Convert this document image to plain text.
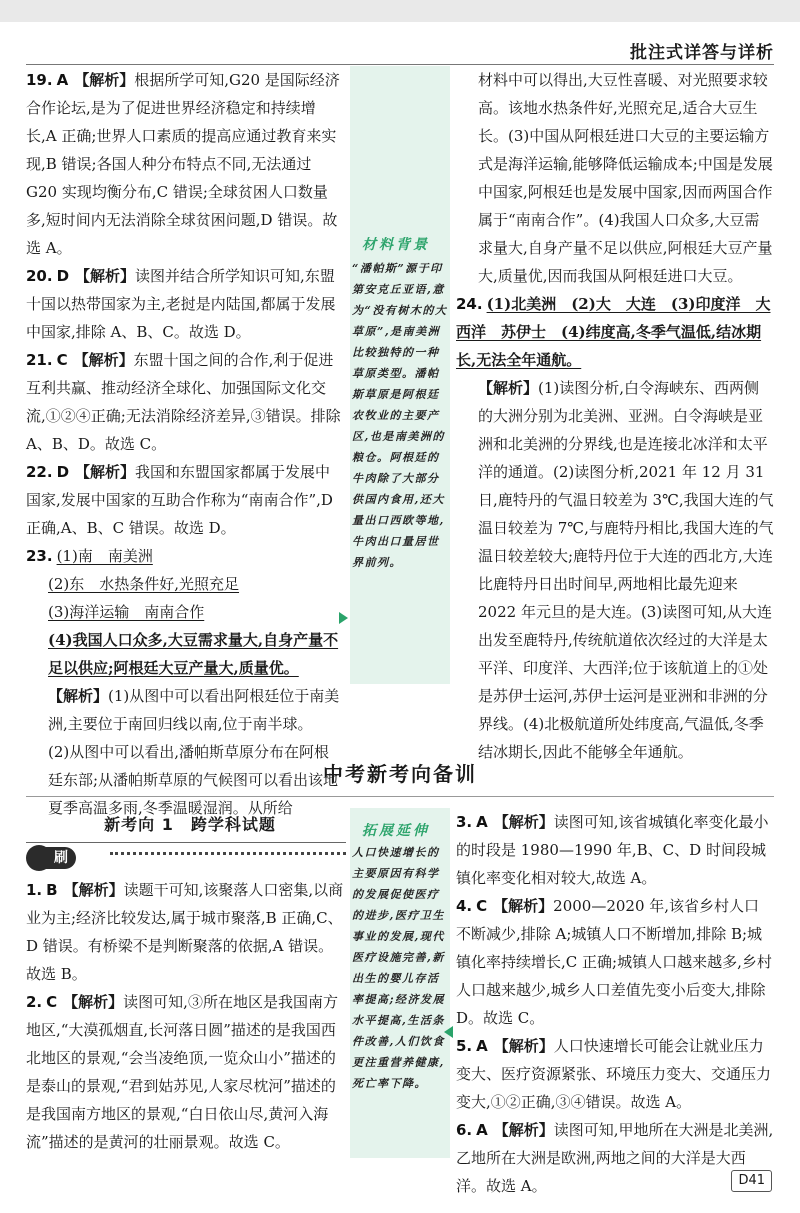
批注式详答与详析

19. A 【解析】根据所学可知,G20 是国际经济合作论坛,是为了促进世界经济稳定和持续增长,A 正确;世界人口素质的提高应通过教育来实现,B 错误;各国人种分布特点不同,无法通过 G20 实现均衡分布,C 错误;全球贫困人口数量多,短时间内无法消除全球贫困问题,D 错误。故选 A。

20. D 【解析】读图并结合所学知识可知,东盟十国以热带国家为主,老挝是内陆国,都属于发展中国家,排除 A、B、C。故选 D。

21. C 【解析】东盟十国之间的合作,利于促进互利共赢、推动经济全球化、加强国际文化交流,①②④正确;无法消除经济差异,③错误。排除 A、B、D。故选 C。

22. D 【解析】我国和东盟国家都属于发展中国家,发展中国家的互助合作称为“南南合作”,D 正确,A、B、C 错误。故选 D。

23. (1)南　南美洲

(2)东　水热条件好,光照充足

(3)海洋运输　南南合作

(4)我国人口众多,大豆需求量大,自身产量不足以供应;阿根廷大豆产量大,质量优。

【解析】(1)从图中可以看出阿根廷位于南美洲,主要位于南回归线以南,位于南半球。

(2)从图中可以看出,潘帕斯草原分布在阿根廷东部;从潘帕斯草原的气候图可以看出该地夏季高温多雨,冬季温暖湿润。从所给

材料背景
“潘帕斯”源于印第安克丘亚语,意为“没有树木的大草原”,是南美洲比较独特的一种草原类型。潘帕斯草原是阿根廷农牧业的主要产区,也是南美洲的粮仓。阿根廷的牛肉除了大部分供国内食用,还大量出口西欧等地,牛肉出口量居世界前列。

材料中可以得出,大豆性喜暖、对光照要求较高。该地水热条件好,光照充足,适合大豆生长。(3)中国从阿根廷进口大豆的主要运输方式是海洋运输,能够降低运输成本;中国是发展中国家,阿根廷也是发展中国家,因而两国合作属于“南南合作”。(4)我国人口众多,大豆需求量大,自身产量不足以供应,阿根廷大豆产量大,质量优,因而我国从阿根廷进口大豆。

24. (1)北美洲　(2)大　大连　(3)印度洋　大西洋　苏伊士　(4)纬度高,冬季气温低,结冰期长,无法全年通航。

【解析】(1)读图分析,白令海峡东、西两侧的大洲分别为北美洲、亚洲。白令海峡是亚洲和北美洲的分界线,也是连接北冰洋和太平洋的通道。(2)读图分析,2021 年 12 月 31 日,鹿特丹的气温日较差为 3℃,我国大连的气温日较差为 7℃,与鹿特丹相比,我国大连的气温日较差较大;鹿特丹位于大连的西北方,大连比鹿特丹日出时间早,两地相比最先迎来 2022 年元旦的是大连。(3)读图可知,从大连出发至鹿特丹,传统航道依次经过的大洋是太平洋、印度洋、大西洋;位于该航道上的①处是苏伊士运河,苏伊士运河是亚洲和非洲的分界线。(4)北极航道所处纬度高,气温低,冬季结冰期长,因此不能够全年通航。

中考新考向备训
新考向 1　跨学科试题
刷考向

1. B 【解析】读题干可知,该聚落人口密集,以商业为主;经济比较发达,属于城市聚落,B 正确,C、D 错误。有桥梁不是判断聚落的依据,A 错误。故选 B。

2. C 【解析】读图可知,③所在地区是我国南方地区,“大漠孤烟直,长河落日圆”描述的是我国西北地区的景观,“会当凌绝顶,一览众山小”描述的是泰山的景观,“君到姑苏见,人家尽枕河”描述的是我国南方地区的景观,“白日依山尽,黄河入海流”描述的是黄河的壮丽景观。故选 C。

拓展延伸
人口快速增长的主要原因有科学的发展促使医疗的进步,医疗卫生事业的发展,现代医疗设施完善,新出生的婴儿存活率提高;经济发展水平提高,生活条件改善,人们饮食更注重营养健康,死亡率下降。

3. A 【解析】读图可知,该省城镇化率变化最小的时段是 1980—1990 年,B、C、D 时间段城镇化率变化相对较大,故选 A。

4. C 【解析】2000—2020 年,该省乡村人口不断减少,排除 A;城镇人口不断增加,排除 B;城镇化率持续增长,C 正确;城镇人口越来越多,乡村人口越来越少,城乡人口差值先变小后变大,排除 D。故选 C。

5. A 【解析】人口快速增长可能会让就业压力变大、医疗资源紧张、环境压力变大、交通压力变大,①②正确,③④错误。故选 A。

6. A 【解析】读图可知,甲地所在大洲是北美洲,乙地所在大洲是欧洲,两地之间的大洋是大西洋。故选 A。	D41
